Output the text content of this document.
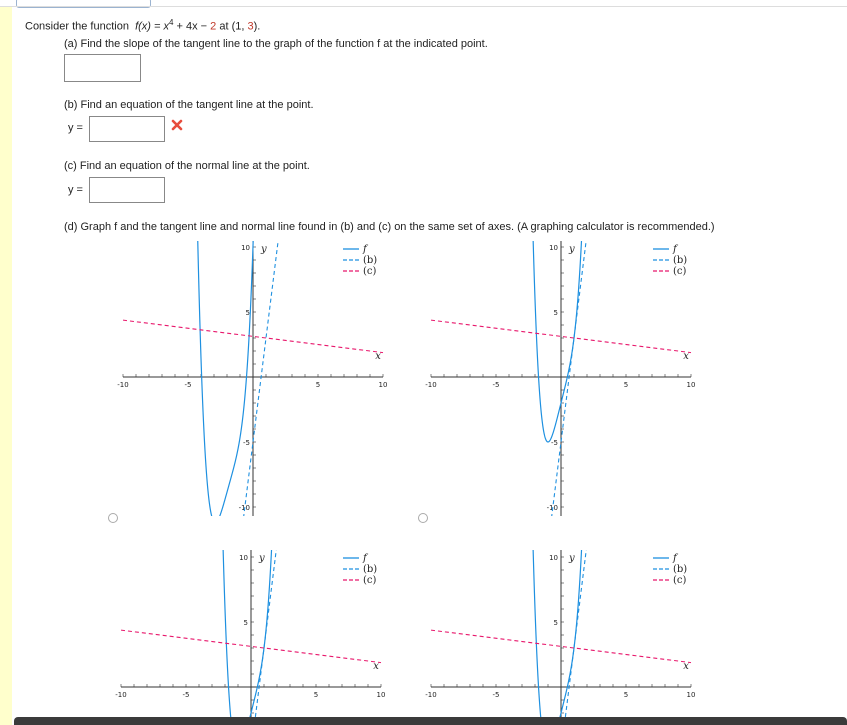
Consider the function $f(x) = x^4 + 4x - 2$ at (1, 3).
(a) Find the slope of the tangent line to the graph of the function f at the indicated point.
(b) Find an equation of the tangent line at the point.
y =
(c) Find an equation of the normal line at the point.
y =
(d) Graph f and the tangent line and normal line found in (b) and (c) on the same set of axes. (A graphing calculator is recommended.)
-10	-5	5	10
10
5
-5
-10
x
y	f
(b)
(c)
-10	-5	5	10
10
5
-5
-10
x
y	f
(b)
(c)
-10	-5	5	10
10
5
x
y	f
(b)
(c)
-10	-5	5	10
10
5
x
y	f
(b)
(c)
